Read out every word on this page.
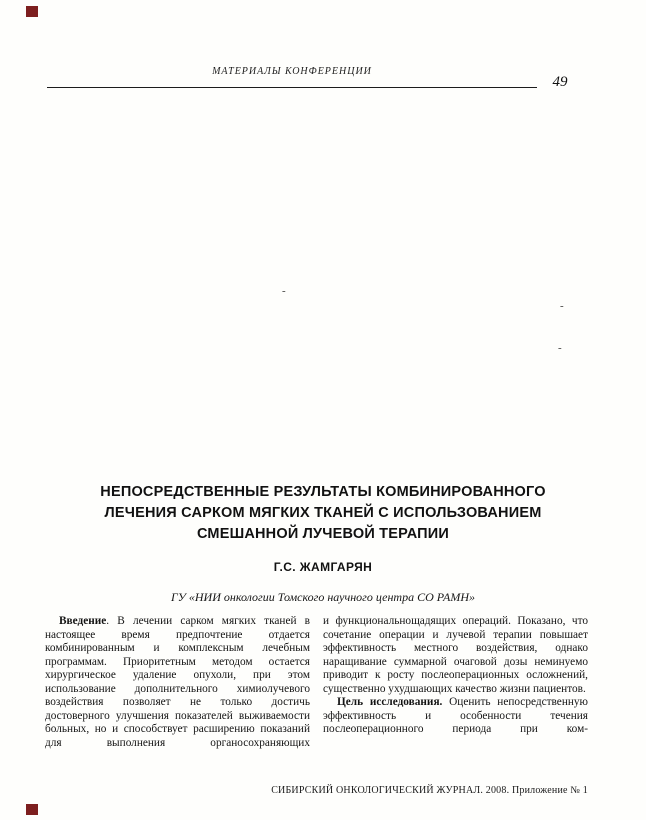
МАТЕРИАЛЫ КОНФЕРЕНЦИИ
49
-
-
-
НЕПОСРЕДСТВЕННЫЕ РЕЗУЛЬТАТЫ КОМБИНИРОВАННОГО
ЛЕЧЕНИЯ САРКОМ МЯГКИХ ТКАНЕЙ С ИСПОЛЬЗОВАНИЕМ
СМЕШАННОЙ ЛУЧЕВОЙ ТЕРАПИИ
Г.С. ЖАМГАРЯН
ГУ «НИИ онкологии Томского научного центра СО РАМН»

Введение. В лечении сарком мягких тканей в настоящее время предпочтение отдается комбинированным и комплексным лечебным программам. Приоритетным методом остается хирургическое удаление опухоли, при этом использование дополнительного химиолучевого воздействия позволяет не только достичь достоверного улучшения показателей выживаемости больных, но и способствует расширению показаний для выполнения органосохраняющих

и функциональнощадящих операций. Показано, что сочетание операции и лучевой терапии повышает эффективность местного воздействия, однако наращивание суммарной очаговой дозы неминуемо приводит к росту послеоперационных осложнений, существенно ухудшающих качество жизни пациентов.

Цель исследования. Оценить непосредственную эффективность и особенности течения послеоперационного периода при ком-

СИБИРСКИЙ ОНКОЛОГИЧЕСКИЙ ЖУРНАЛ. 2008. Приложение № 1
